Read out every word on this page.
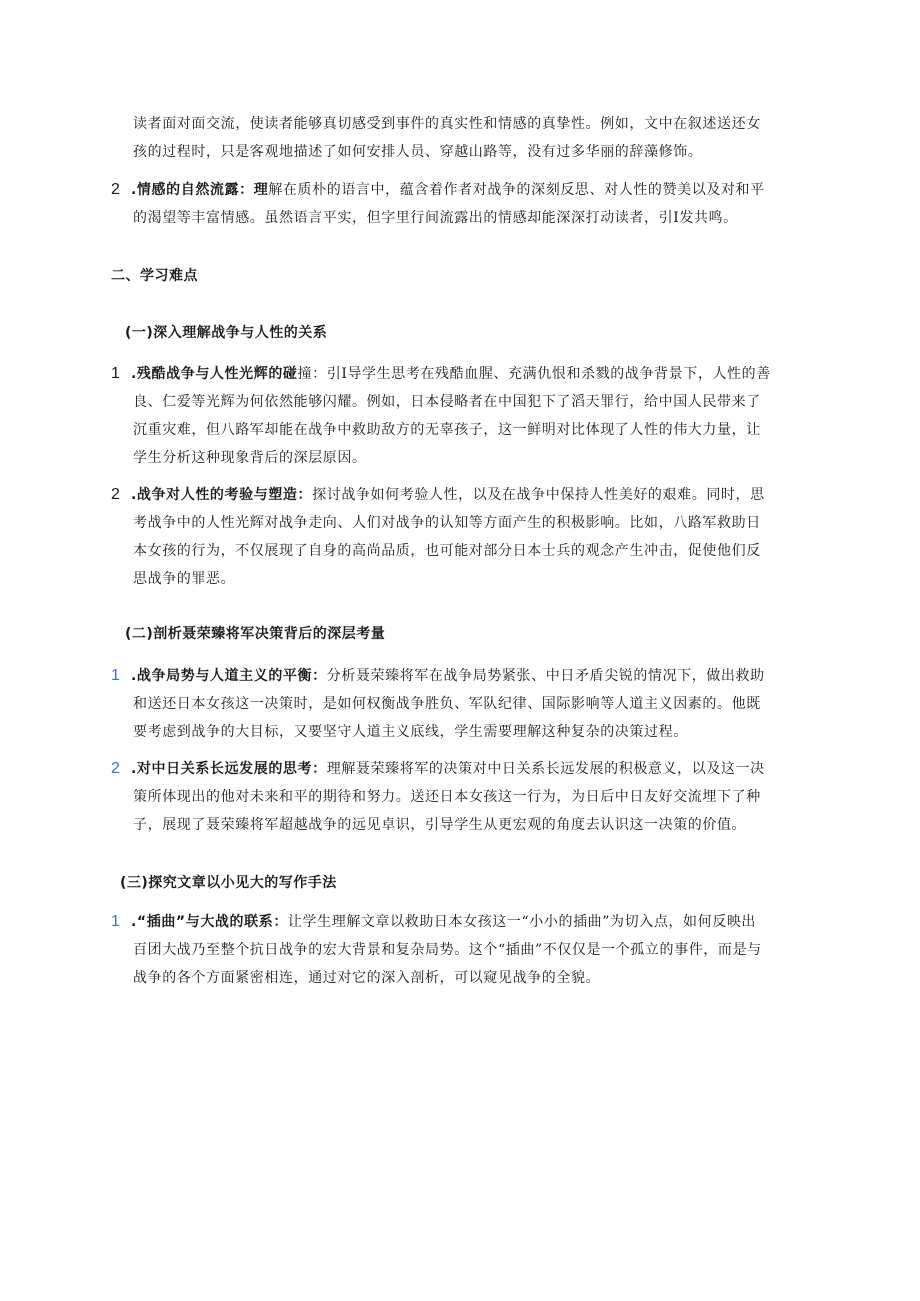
读者面对面交流，使读者能够真切感受到事件的真实性和情感的真挚性。例如，文中在叙述送还女
孩的过程时，只是客观地描述了如何安排人员、穿越山路等，没有过多华丽的辞藻修饰。
2 .情感的自然流露：理解在质朴的语言中，蕴含着作者对战争的深刻反思、对人性的赞美以及对和平
的渴望等丰富情感。虽然语言平实，但字里行间流露出的情感却能深深打动读者，引I发共鸣。
二、学习难点
(一)深入理解战争与人性的关系
1 .残酷战争与人性光辉的碰撞：引I导学生思考在残酷血腥、充满仇恨和杀戮的战争背景下，人性的善
良、仁爱等光辉为何依然能够闪耀。例如，日本侵略者在中国犯下了滔天罪行，给中国人民带来了
沉重灾难，但八路军却能在战争中救助敌方的无辜孩子，这一鲜明对比体现了人性的伟大力量，让
学生分析这种现象背后的深层原因。
2 .战争对人性的考验与塑造：探讨战争如何考验人性，以及在战争中保持人性美好的艰难。同时，思
考战争中的人性光辉对战争走向、人们对战争的认知等方面产生的积极影响。比如，八路军救助日
本女孩的行为，不仅展现了自身的高尚品质，也可能对部分日本士兵的观念产生冲击，促使他们反
思战争的罪恶。
(二)剖析聂荣臻将军决策背后的深层考量
1 .战争局势与人道主义的平衡：分析聂荣臻将军在战争局势紧张、中日矛盾尖锐的情况下，做出救助
和送还日本女孩这一决策时，是如何权衡战争胜负、军队纪律、国际影响等人道主义因素的。他既
要考虑到战争的大目标，又要坚守人道主义底线，学生需要理解这种复杂的决策过程。
2 .对中日关系长远发展的思考：理解聂荣臻将军的决策对中日关系长远发展的积极意义，以及这一决
策所体现出的他对未来和平的期待和努力。送还日本女孩这一行为，为日后中日友好交流埋下了种
子，展现了聂荣臻将军超越战争的远见卓识，引导学生从更宏观的角度去认识这一决策的价值。
(三)探究文章以小见大的写作手法
1 .“插曲”与大战的联系：让学生理解文章以救助日本女孩这一“小小的插曲”为切入点，如何反映出
百团大战乃至整个抗日战争的宏大背景和复杂局势。这个“插曲”不仅仅是一个孤立的事件，而是与
战争的各个方面紧密相连，通过对它的深入剖析，可以窥见战争的全貌。
